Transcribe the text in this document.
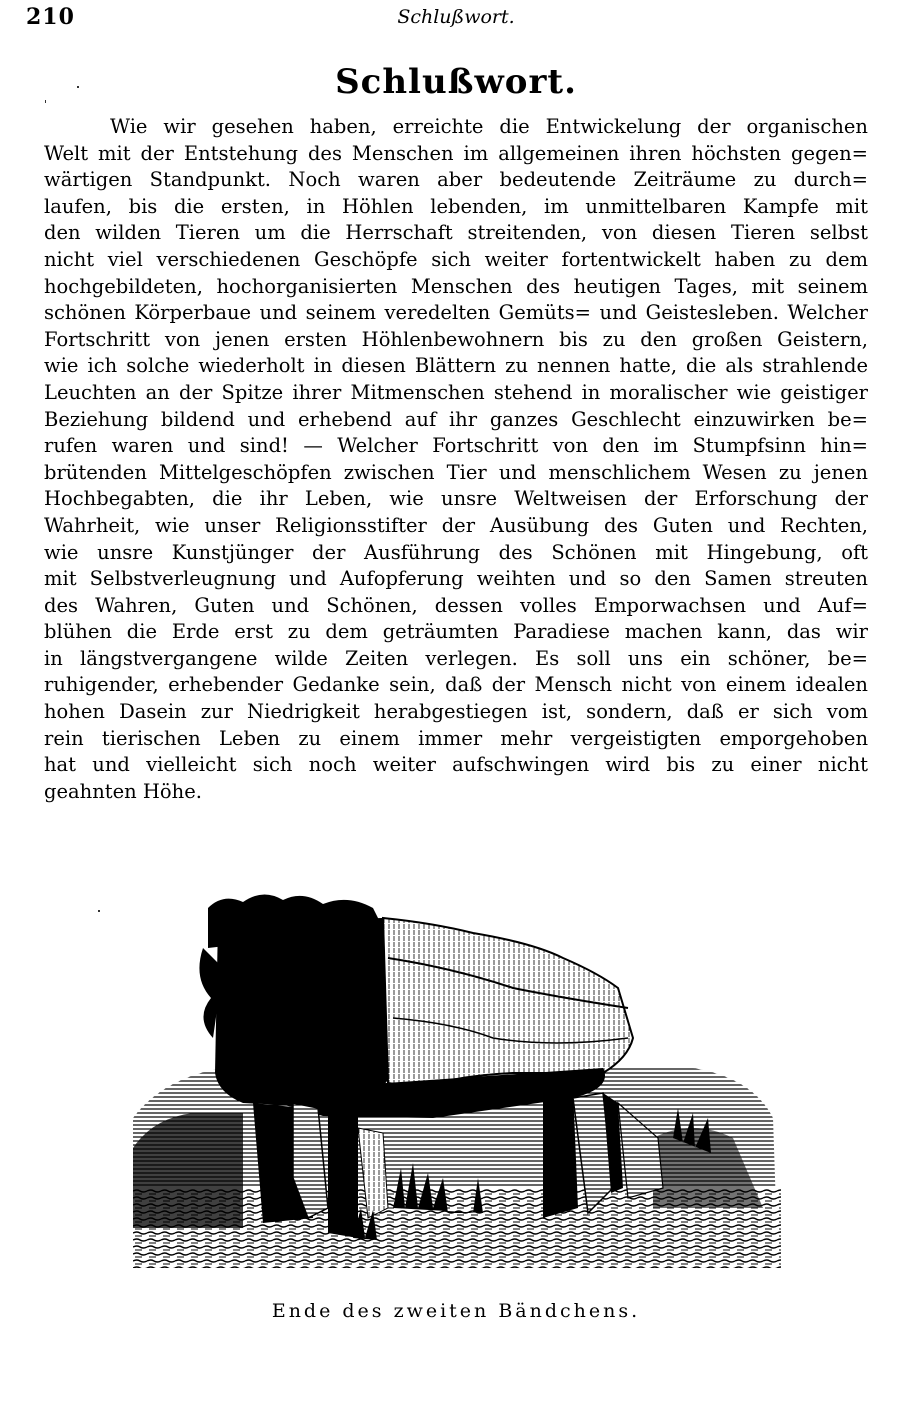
210	Schlußwort.
Schlußwort.
Wie wir gesehen haben, erreichte die Entwickelung der organischen
Welt mit der Entstehung des Menschen im allgemeinen ihren höchsten gegen=
wärtigen Standpunkt. Noch waren aber bedeutende Zeiträume zu durch=
laufen, bis die ersten, in Höhlen lebenden, im unmittelbaren Kampfe mit
den wilden Tieren um die Herrschaft streitenden, von diesen Tieren selbst
nicht viel verschiedenen Geschöpfe sich weiter fortentwickelt haben zu dem
hochgebildeten, hochorganisierten Menschen des heutigen Tages, mit seinem
schönen Körperbaue und seinem veredelten Gemüts= und Geistesleben. Welcher
Fortschritt von jenen ersten Höhlenbewohnern bis zu den großen Geistern,
wie ich solche wiederholt in diesen Blättern zu nennen hatte, die als strahlende
Leuchten an der Spitze ihrer Mitmenschen stehend in moralischer wie geistiger
Beziehung bildend und erhebend auf ihr ganzes Geschlecht einzuwirken be=
rufen waren und sind! — Welcher Fortschritt von den im Stumpfsinn hin=
brütenden Mittelgeschöpfen zwischen Tier und menschlichem Wesen zu jenen
Hochbegabten, die ihr Leben, wie unsre Weltweisen der Erforschung der
Wahrheit, wie unser Religionsstifter der Ausübung des Guten und Rechten,
wie unsre Kunstjünger der Ausführung des Schönen mit Hingebung, oft
mit Selbstverleugnung und Aufopferung weihten und so den Samen streuten
des Wahren, Guten und Schönen, dessen volles Emporwachsen und Auf=
blühen die Erde erst zu dem geträumten Paradiese machen kann, das wir
in längstvergangene wilde Zeiten verlegen. Es soll uns ein schöner, be=
ruhigender, erhebender Gedanke sein, daß der Mensch nicht von einem idealen
hohen Dasein zur Niedrigkeit herabgestiegen ist, sondern, daß er sich vom
rein tierischen Leben zu einem immer mehr vergeistigten emporgehoben
hat und vielleicht sich noch weiter aufschwingen wird bis zu einer nicht
geahnten Höhe.
Ende des zweiten Bändchens.
